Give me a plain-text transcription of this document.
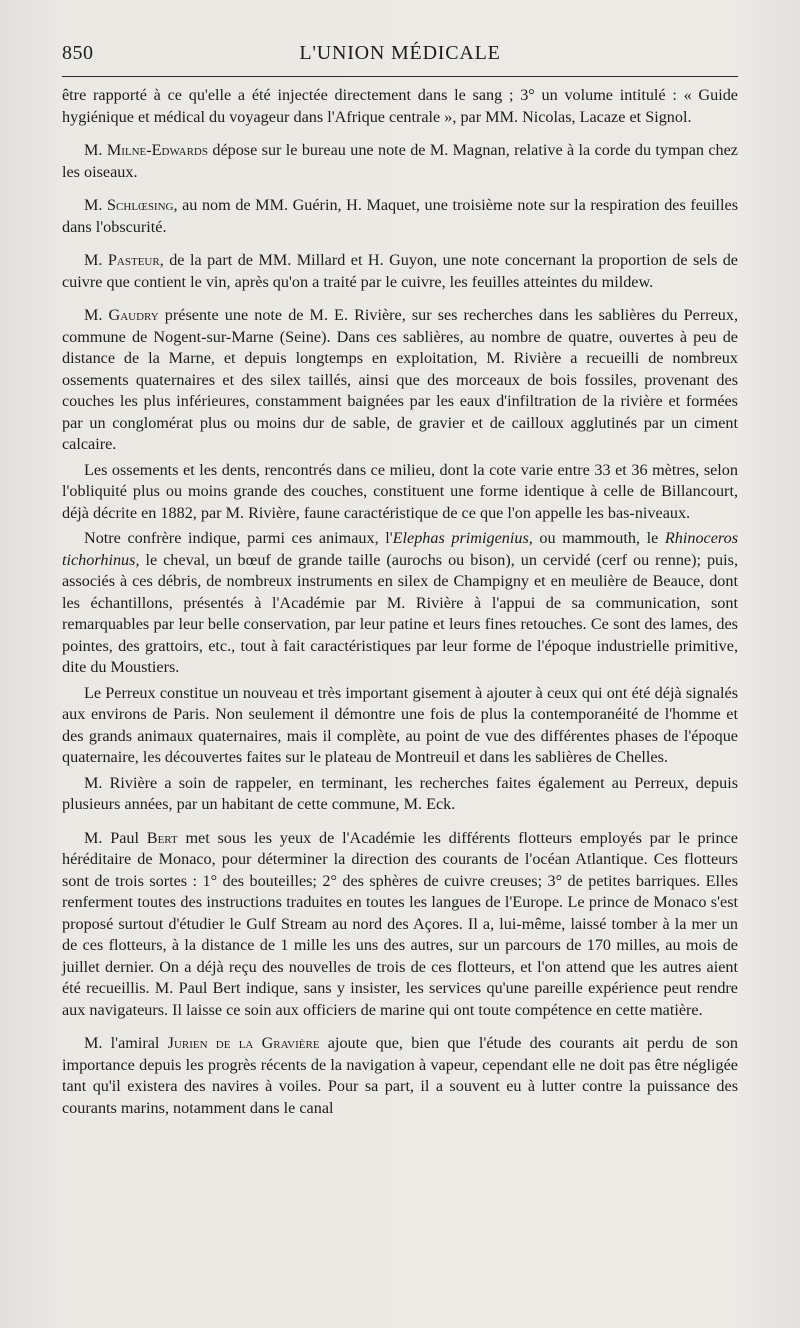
850	L'UNION MÉDICALE

être rapporté à ce qu'elle a été injectée directement dans le sang ; 3° un volume intitulé : « Guide hygiénique et médical du voyageur dans l'Afrique centrale », par MM. Nicolas, Lacaze et Signol.

M. Milne-Edwards dépose sur le bureau une note de M. Magnan, relative à la corde du tympan chez les oiseaux.

M. Schlœsing, au nom de MM. Guérin, H. Maquet, une troisième note sur la respiration des feuilles dans l'obscurité.

M. Pasteur, de la part de MM. Millard et H. Guyon, une note concernant la proportion de sels de cuivre que contient le vin, après qu'on a traité par le cuivre, les feuilles atteintes du mildew.

M. Gaudry présente une note de M. E. Rivière, sur ses recherches dans les sablières du Perreux, commune de Nogent-sur-Marne (Seine). Dans ces sablières, au nombre de quatre, ouvertes à peu de distance de la Marne, et depuis longtemps en exploitation, M. Rivière a recueilli de nombreux ossements quaternaires et des silex taillés, ainsi que des morceaux de bois fossiles, provenant des couches les plus inférieures, constamment baignées par les eaux d'infiltration de la rivière et formées par un conglomérat plus ou moins dur de sable, de gravier et de cailloux agglutinés par un ciment calcaire.

Les ossements et les dents, rencontrés dans ce milieu, dont la cote varie entre 33 et 36 mètres, selon l'obliquité plus ou moins grande des couches, constituent une forme identique à celle de Billancourt, déjà décrite en 1882, par M. Rivière, faune caractéristique de ce que l'on appelle les bas-niveaux.

Notre confrère indique, parmi ces animaux, l'Elephas primigenius, ou mammouth, le Rhinoceros tichorhinus, le cheval, un bœuf de grande taille (aurochs ou bison), un cervidé (cerf ou renne); puis, associés à ces débris, de nombreux instruments en silex de Champigny et en meulière de Beauce, dont les échantillons, présentés à l'Académie par M. Rivière à l'appui de sa communication, sont remarquables par leur belle conservation, par leur patine et leurs fines retouches. Ce sont des lames, des pointes, des grattoirs, etc., tout à fait caractéristiques par leur forme de l'époque industrielle primitive, dite du Moustiers.

Le Perreux constitue un nouveau et très important gisement à ajouter à ceux qui ont été déjà signalés aux environs de Paris. Non seulement il démontre une fois de plus la contemporanéité de l'homme et des grands animaux quaternaires, mais il complète, au point de vue des différentes phases de l'époque quaternaire, les découvertes faites sur le plateau de Montreuil et dans les sablières de Chelles.

M. Rivière a soin de rappeler, en terminant, les recherches faites également au Perreux, depuis plusieurs années, par un habitant de cette commune, M. Eck.

M. Paul Bert met sous les yeux de l'Académie les différents flotteurs employés par le prince héréditaire de Monaco, pour déterminer la direction des courants de l'océan Atlantique. Ces flotteurs sont de trois sortes : 1° des bouteilles; 2° des sphères de cuivre creuses; 3° de petites barriques. Elles renferment toutes des instructions traduites en toutes les langues de l'Europe. Le prince de Monaco s'est proposé surtout d'étudier le Gulf Stream au nord des Açores. Il a, lui-même, laissé tomber à la mer un de ces flotteurs, à la distance de 1 mille les uns des autres, sur un parcours de 170 milles, au mois de juillet dernier. On a déjà reçu des nouvelles de trois de ces flotteurs, et l'on attend que les autres aient été recueillis. M. Paul Bert indique, sans y insister, les services qu'une pareille expérience peut rendre aux navigateurs. Il laisse ce soin aux officiers de marine qui ont toute compétence en cette matière.

M. l'amiral Jurien de la Gravière ajoute que, bien que l'étude des courants ait perdu de son importance depuis les progrès récents de la navigation à vapeur, cependant elle ne doit pas être négligée tant qu'il existera des navires à voiles. Pour sa part, il a souvent eu à lutter contre la puissance des courants marins, notamment dans le canal
